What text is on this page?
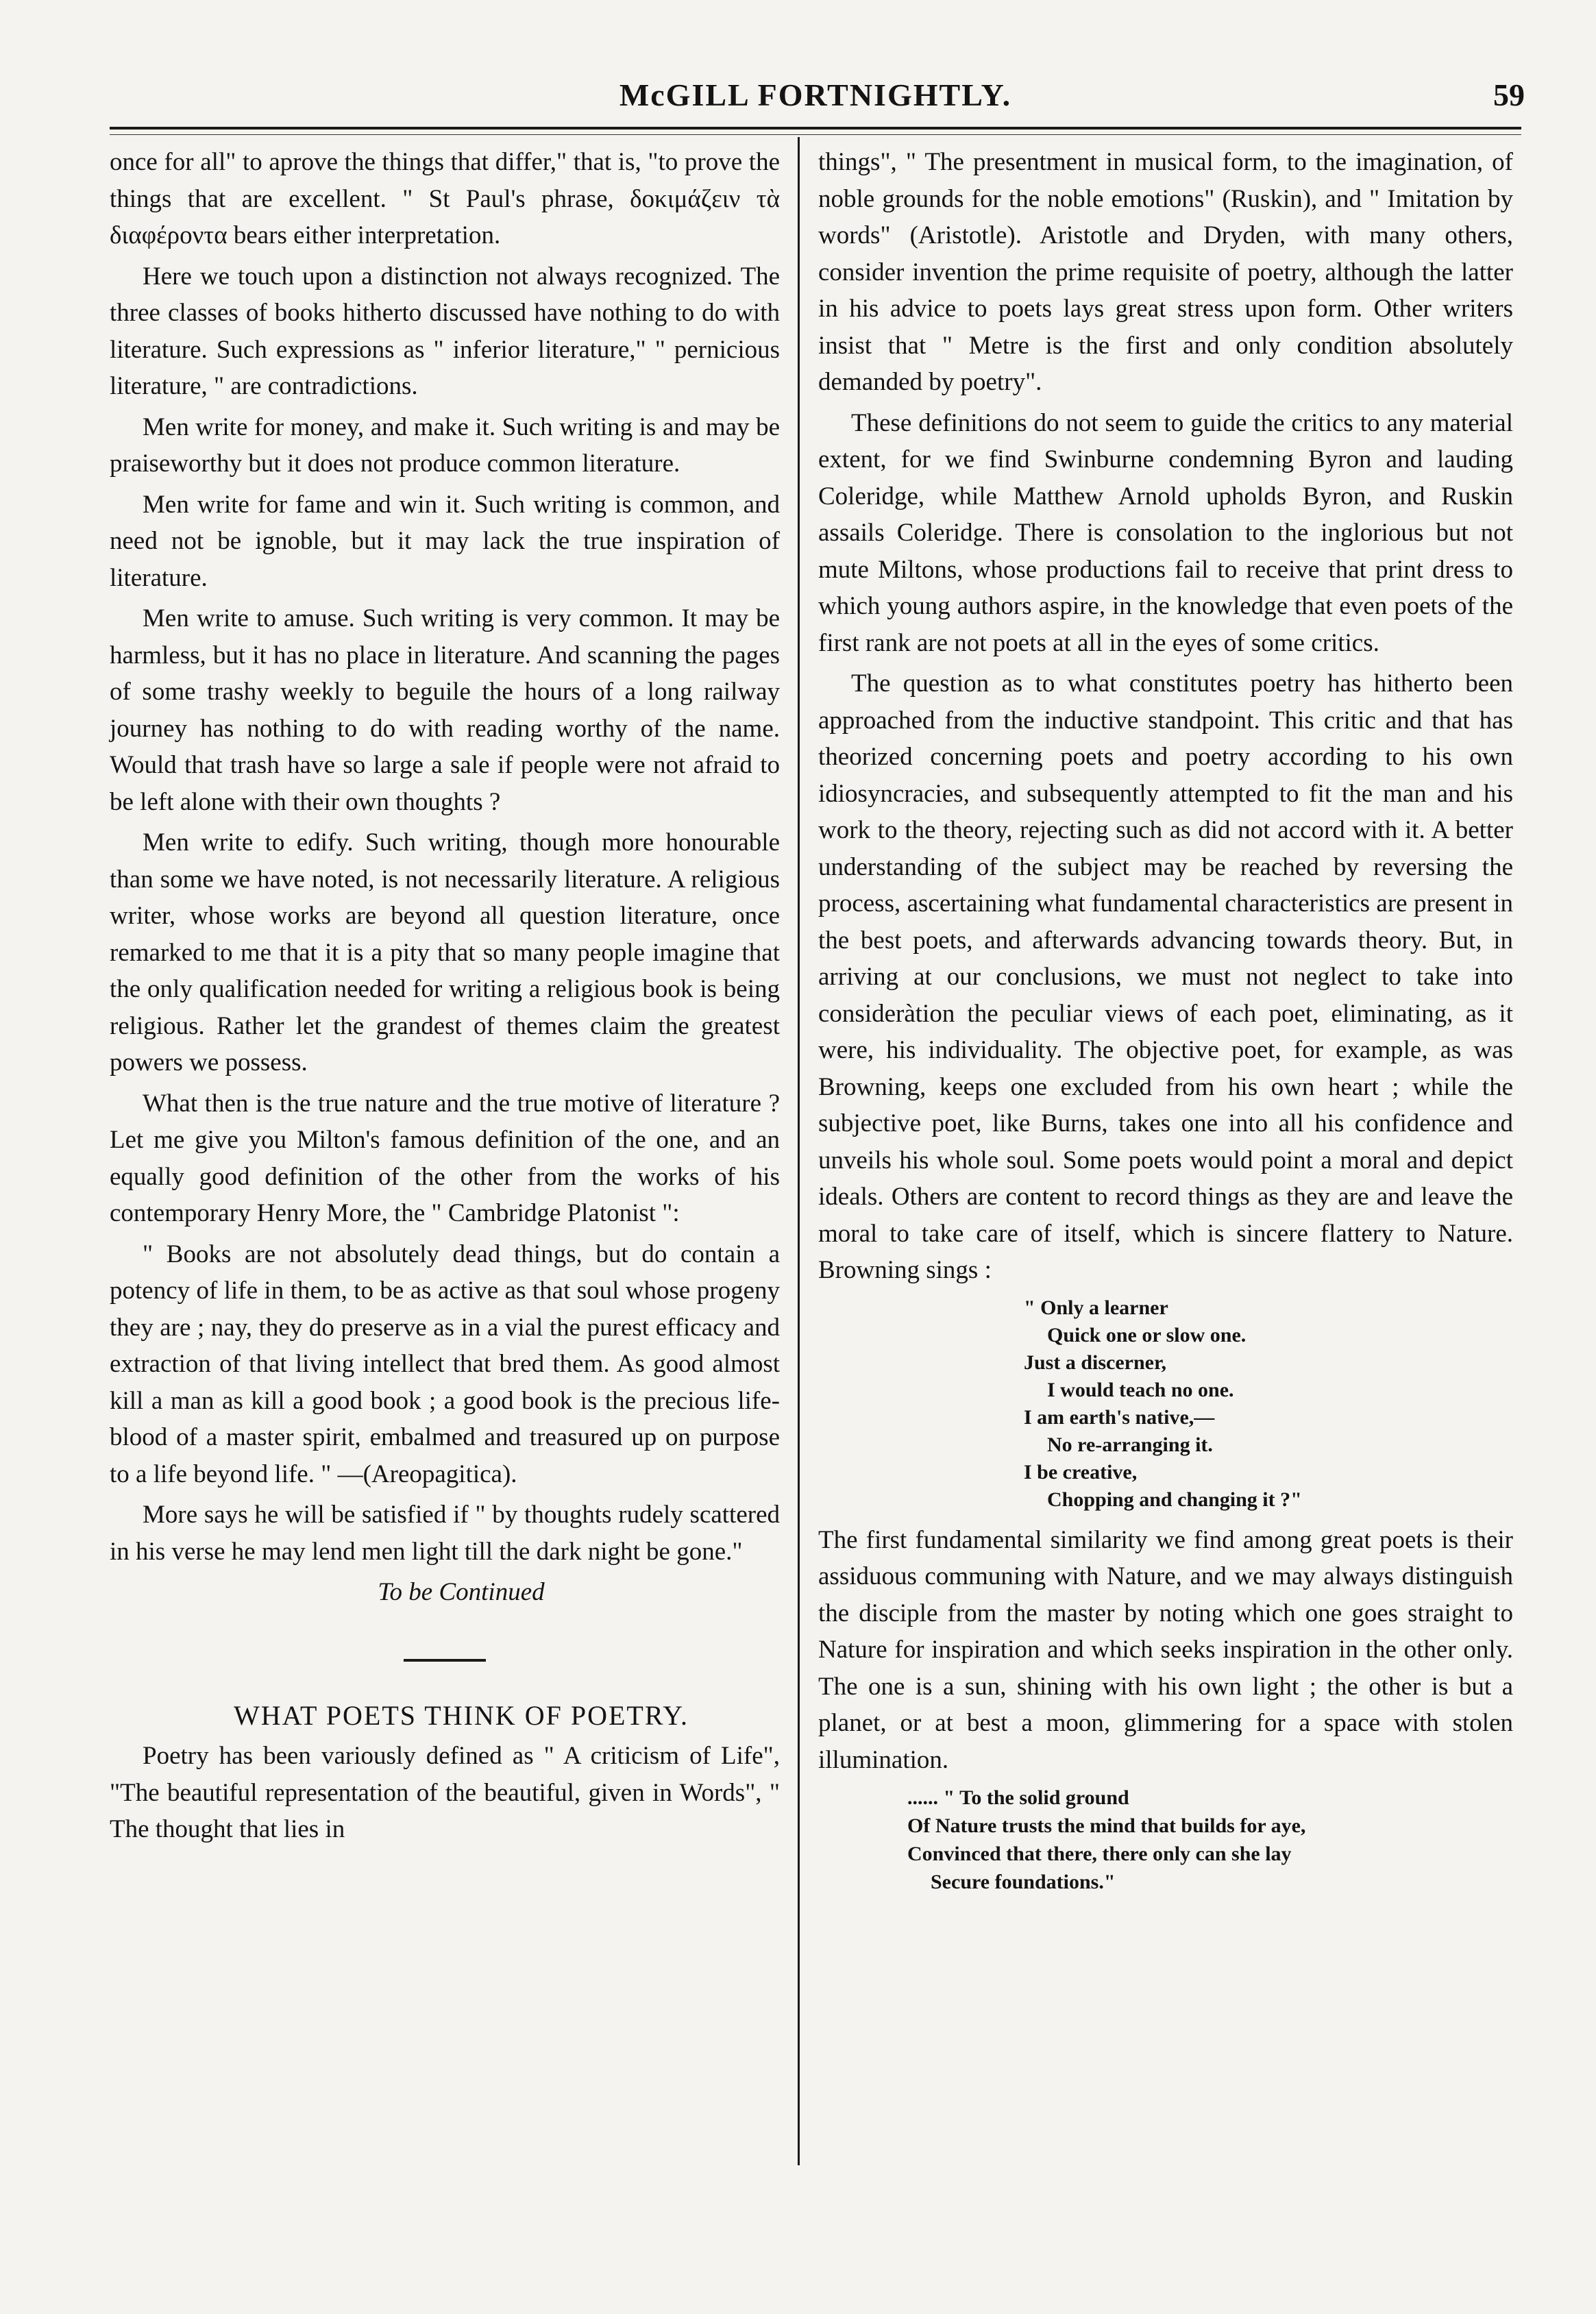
McGILL FORTNIGHTLY.	59

once for all" to aprove the things that differ," that is, "to prove the things that are excellent. " St Paul's phrase, δοκιμάζειν τὰ διαφέροντα bears either interpretation.

Here we touch upon a distinction not always recognized. The three classes of books hitherto discussed have nothing to do with literature. Such expressions as " inferior literature," " pernicious literature, " are contradictions.

Men write for money, and make it. Such writing is and may be praiseworthy but it does not produce common literature.

Men write for fame and win it. Such writing is common, and need not be ignoble, but it may lack the true inspiration of literature.

Men write to amuse. Such writing is very common. It may be harmless, but it has no place in literature. And scanning the pages of some trashy weekly to beguile the hours of a long railway journey has nothing to do with reading worthy of the name. Would that trash have so large a sale if people were not afraid to be left alone with their own thoughts ?

Men write to edify. Such writing, though more honourable than some we have noted, is not necessarily literature. A religious writer, whose works are beyond all question literature, once remarked to me that it is a pity that so many people imagine that the only qualification needed for writing a religious book is being religious. Rather let the grandest of themes claim the greatest powers we possess.

What then is the true nature and the true motive of literature ? Let me give you Milton's famous definition of the one, and an equally good definition of the other from the works of his contemporary Henry More, the " Cambridge Platonist ":

" Books are not absolutely dead things, but do contain a potency of life in them, to be as active as that soul whose progeny they are ; nay, they do preserve as in a vial the purest efficacy and extraction of that living intellect that bred them. As good almost kill a man as kill a good book ; a good book is the precious life-blood of a master spirit, embalmed and treasured up on purpose to a life beyond life. " —(Areopagitica).

More says he will be satisfied if " by thoughts rudely scattered in his verse he may lend men light till the dark night be gone."

To be Continued

WHAT POETS THINK OF POETRY.

Poetry has been variously defined as " A criticism of Life", "The beautiful representation of the beautiful, given in Words", " The thought that lies in

things", " The presentment in musical form, to the imagination, of noble grounds for the noble emotions" (Ruskin), and " Imitation by words" (Aristotle). Aristotle and Dryden, with many others, consider invention the prime requisite of poetry, although the latter in his advice to poets lays great stress upon form. Other writers insist that " Metre is the first and only condition absolutely demanded by poetry".

These definitions do not seem to guide the critics to any material extent, for we find Swinburne condemning Byron and lauding Coleridge, while Matthew Arnold upholds Byron, and Ruskin assails Coleridge. There is consolation to the inglorious but not mute Miltons, whose productions fail to receive that print dress to which young authors aspire, in the knowledge that even poets of the first rank are not poets at all in the eyes of some critics.

The question as to what constitutes poetry has hitherto been approached from the inductive standpoint. This critic and that has theorized concerning poets and poetry according to his own idiosyncracies, and subsequently attempted to fit the man and his work to the theory, rejecting such as did not accord with it. A better understanding of the subject may be reached by reversing the process, ascertaining what fundamental characteristics are present in the best poets, and afterwards advancing towards theory. But, in arriving at our conclusions, we must not neglect to take into consideràtion the peculiar views of each poet, eliminating, as it were, his individuality. The objective poet, for example, as was Browning, keeps one excluded from his own heart ; while the subjective poet, like Burns, takes one into all his confidence and unveils his whole soul. Some poets would point a moral and depict ideals. Others are content to record things as they are and leave the moral to take care of itself, which is sincere flattery to Nature. Browning sings :

" Only a learner
Quick one or slow one.
Just a discerner,
I would teach no one.
I am earth's native,—
No re-arranging it.
I be creative,
Chopping and changing it ?"

The first fundamental similarity we find among great poets is their assiduous communing with Nature, and we may always distinguish the disciple from the master by noting which one goes straight to Nature for inspiration and which seeks inspiration in the other only. The one is a sun, shining with his own light ; the other is but a planet, or at best a moon, glimmering for a space with stolen illumination.

...... " To the solid ground
Of Nature trusts the mind that builds for aye,
Convinced that there, there only can she lay
Secure foundations."
